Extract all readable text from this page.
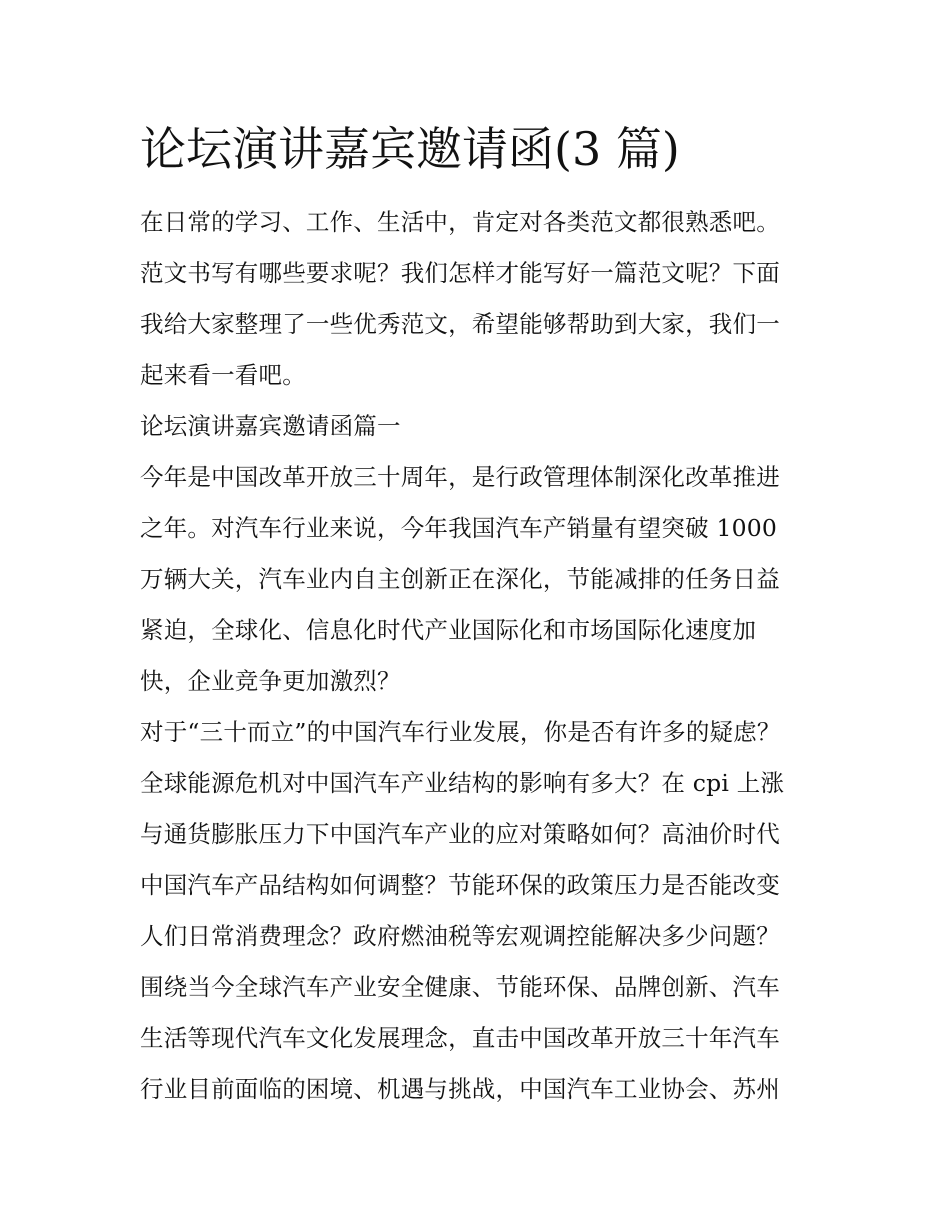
论坛演讲嘉宾邀请函(3 篇)
在日常的学习、工作、生活中，肯定对各类范文都很熟悉吧。
范文书写有哪些要求呢？我们怎样才能写好一篇范文呢？下面
我给大家整理了一些优秀范文，希望能够帮助到大家，我们一
起来看一看吧。
论坛演讲嘉宾邀请函篇一
今年是中国改革开放三十周年，是行政管理体制深化改革推进
之年。对汽车行业来说，今年我国汽车产销量有望突破 1000
万辆大关，汽车业内自主创新正在深化，节能减排的任务日益
紧迫，全球化、信息化时代产业国际化和市场国际化速度加
快，企业竞争更加激烈？
对于“三十而立”的中国汽车行业发展，你是否有许多的疑虑？
全球能源危机对中国汽车产业结构的影响有多大？在 cpi 上涨
与通货膨胀压力下中国汽车产业的应对策略如何？高油价时代
中国汽车产品结构如何调整？节能环保的政策压力是否能改变
人们日常消费理念？政府燃油税等宏观调控能解决多少问题？
围绕当今全球汽车产业安全健康、节能环保、品牌创新、汽车
生活等现代汽车文化发展理念，直击中国改革开放三十年汽车
行业目前面临的困境、机遇与挑战，中国汽车工业协会、苏州
